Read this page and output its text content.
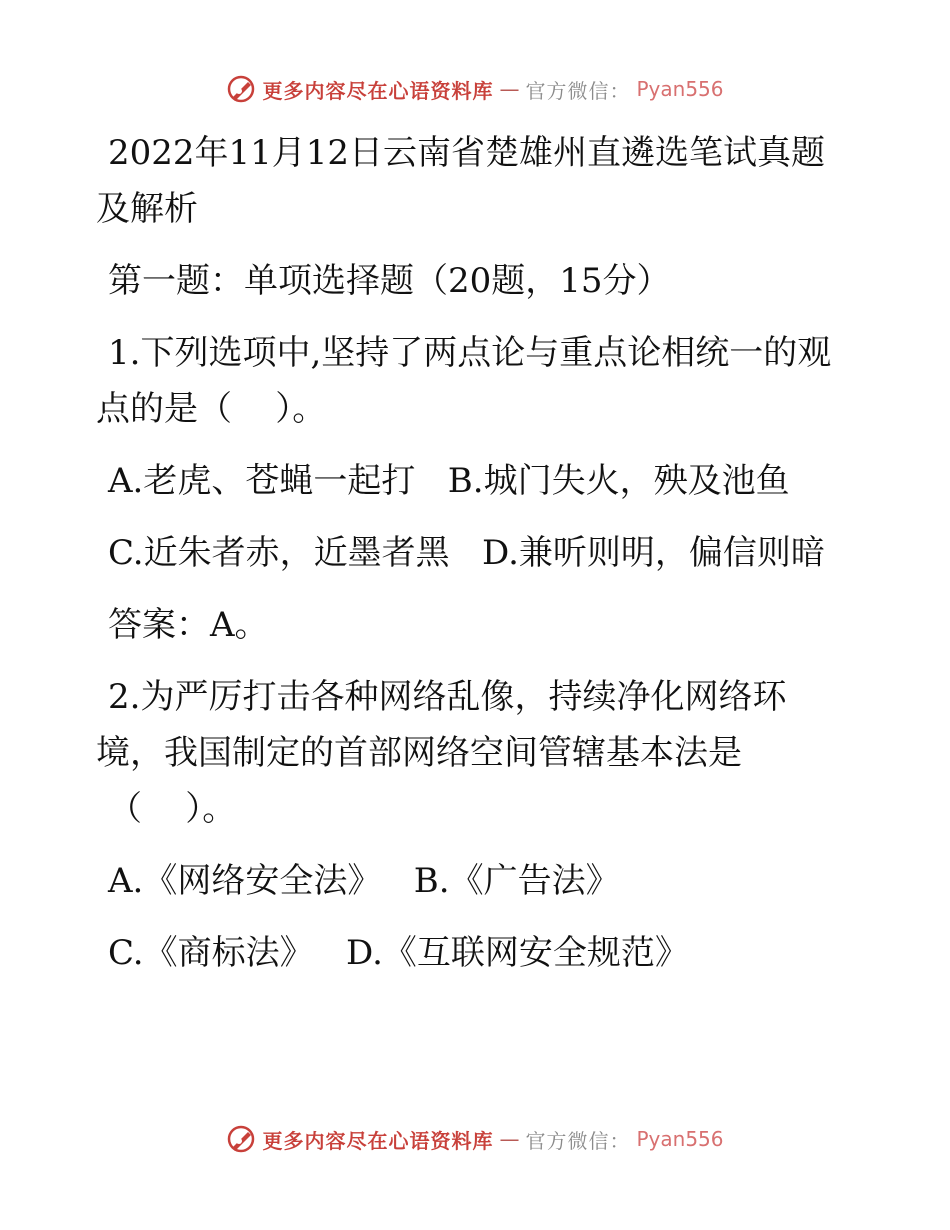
更多内容尽在心语资料库 — 官方微信： Pyan556

2022年11月12日云南省楚雄州直遴选笔试真题

及解析

第一题：单项选择题（20题，15分）

1.下列选项中,坚持了两点论与重点论相统一的观

点的是（    ）。

A.老虎、苍蝇一起打   B.城门失火，殃及池鱼

C.近朱者赤，近墨者黑   D.兼听则明，偏信则暗

答案：A。

2.为严厉打击各种网络乱像，持续净化网络环

境，我国制定的首部网络空间管辖基本法是

（    ）。

A.《网络安全法》   B.《广告法》

C.《商标法》   D.《互联网安全规范》

更多内容尽在心语资料库 — 官方微信： Pyan556
